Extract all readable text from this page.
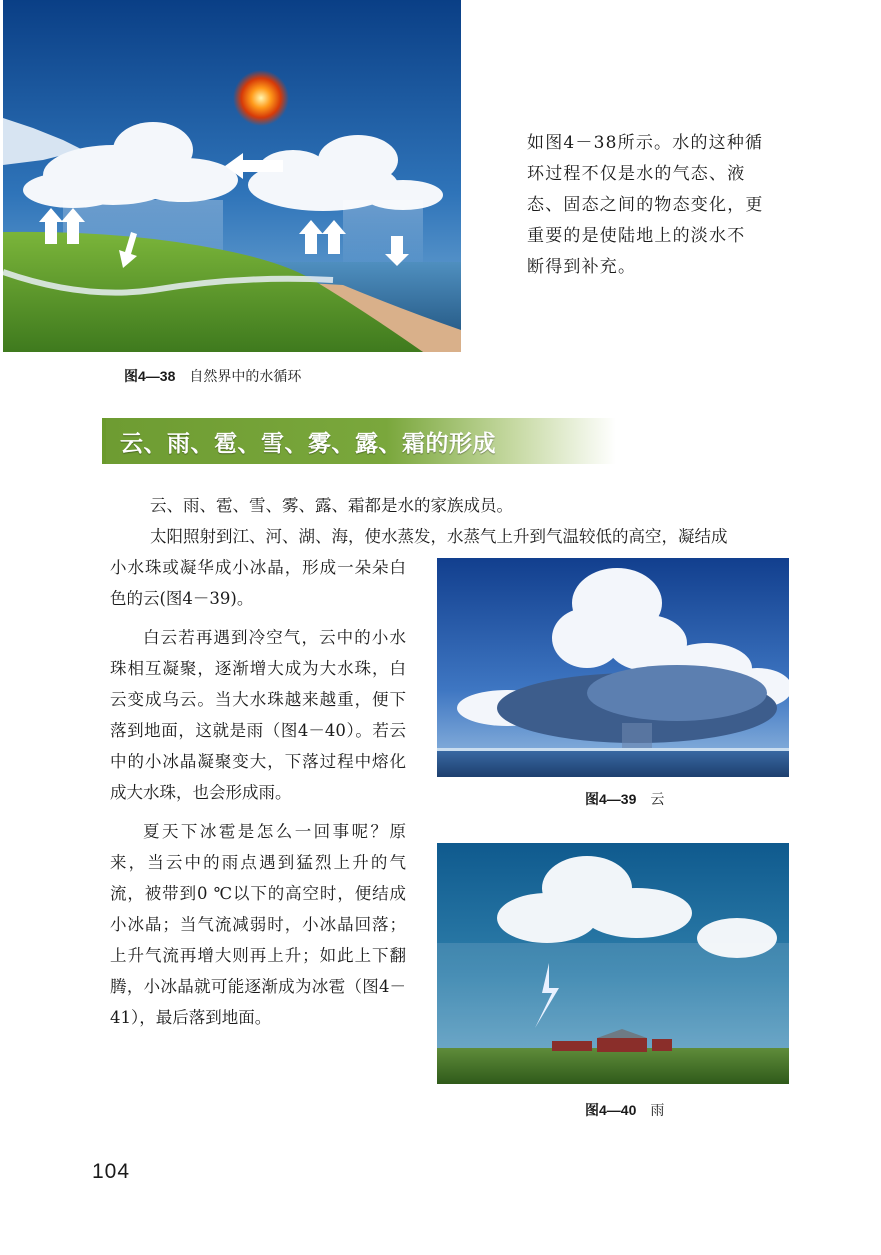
图4—38 自然界中的水循环

如图4－38所示。水的这种循

环过程不仅是水的气态、液

态、固态之间的物态变化，更

重要的是使陆地上的淡水不

断得到补充。

云、雨、雹、雪、雾、露、霜的形成

云、雨、雹、雪、雾、露、霜都是水的家族成员。

太阳照射到江、河、湖、海，使水蒸发，水蒸气上升到气温较低的高空，凝结成

小水珠或凝华成小冰晶，形成一朵朵白色的云(图4－39)。

白云若再遇到冷空气，云中的小水珠相互凝聚，逐渐增大成为大水珠，白云变成乌云。当大水珠越来越重，便下落到地面，这就是雨（图4－40）。若云中的小冰晶凝聚变大，下落过程中熔化成大水珠，也会形成雨。

夏天下冰雹是怎么一回事呢？原来，当云中的雨点遇到猛烈上升的气流，被带到0 ℃以下的高空时，便结成小冰晶；当气流减弱时，小冰晶回落；上升气流再增大则再上升；如此上下翻腾，小冰晶就可能逐渐成为冰雹（图4－41），最后落到地面。

图4—39 云
图4—40 雨
104
